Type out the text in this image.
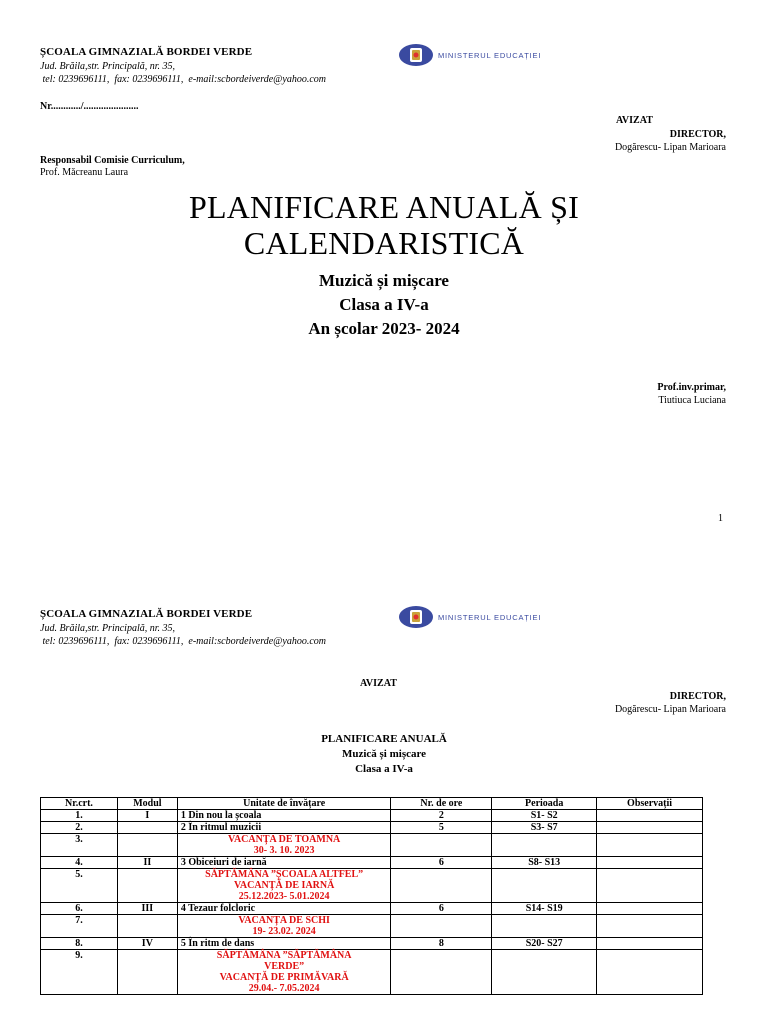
ȘCOALA GIMNAZIALĂ BORDEI VERDE
Jud. Brăila,str. Principală, nr. 35,
tel: 0239696111,  fax: 0239696111,  e-mail:scbordeiverde@yahoo.com
MINISTERUL EDUCAȚIEI
Nr............/......................
AVIZAT
DIRECTOR,
Dogărescu- Lipan Marioara
Responsabil Comisie Curriculum,
Prof. Mǎcreanu Laura
PLANIFICARE ANUALĂ ȘI
CALENDARISTICĂ
Muzică și mișcare
Clasa a IV-a
An școlar 2023- 2024
Prof.inv.primar,
Tiutiuca Luciana
1
ȘCOALA GIMNAZIALĂ BORDEI VERDE
Jud. Brăila,str. Principală, nr. 35,
tel: 0239696111,  fax: 0239696111,  e-mail:scbordeiverde@yahoo.com
MINISTERUL EDUCAȚIEI
AVIZAT
DIRECTOR,
Dogărescu- Lipan Marioara
PLANIFICARE ANUALĂ
Muzică și mișcare
Clasa a IV-a
Nr.crt.	Modul	Unitate de învățare	Nr. de ore	Perioada	Observații
1.	I	1 Din nou la școala	2	S1- S2	
2.		2 În ritmul muzicii	5	S3- S7	
3.		VACANȚA DE TOAMNA
30- 3. 10. 2023			
4.	II	3 Obiceiuri de iarnă	6	S8- S13	
5.		SĂPTĂMÂNA ”ȘCOALA ALTFEL”
VACANȚĂ DE IARNĂ
25.12.2023- 5.01.2024			
6.	III	4 Tezaur folcloric	6	S14- S19	
7.		VACANȚA DE SCHI
19- 23.02. 2024			
8.	IV	5 În ritm de dans	8	S20- S27	
9.		SĂPTĂMÂNA ”SĂPTĂMÂNA
VERDE”
VACANȚĂ DE PRIMĂVARĂ
29.04.- 7.05.2024			
